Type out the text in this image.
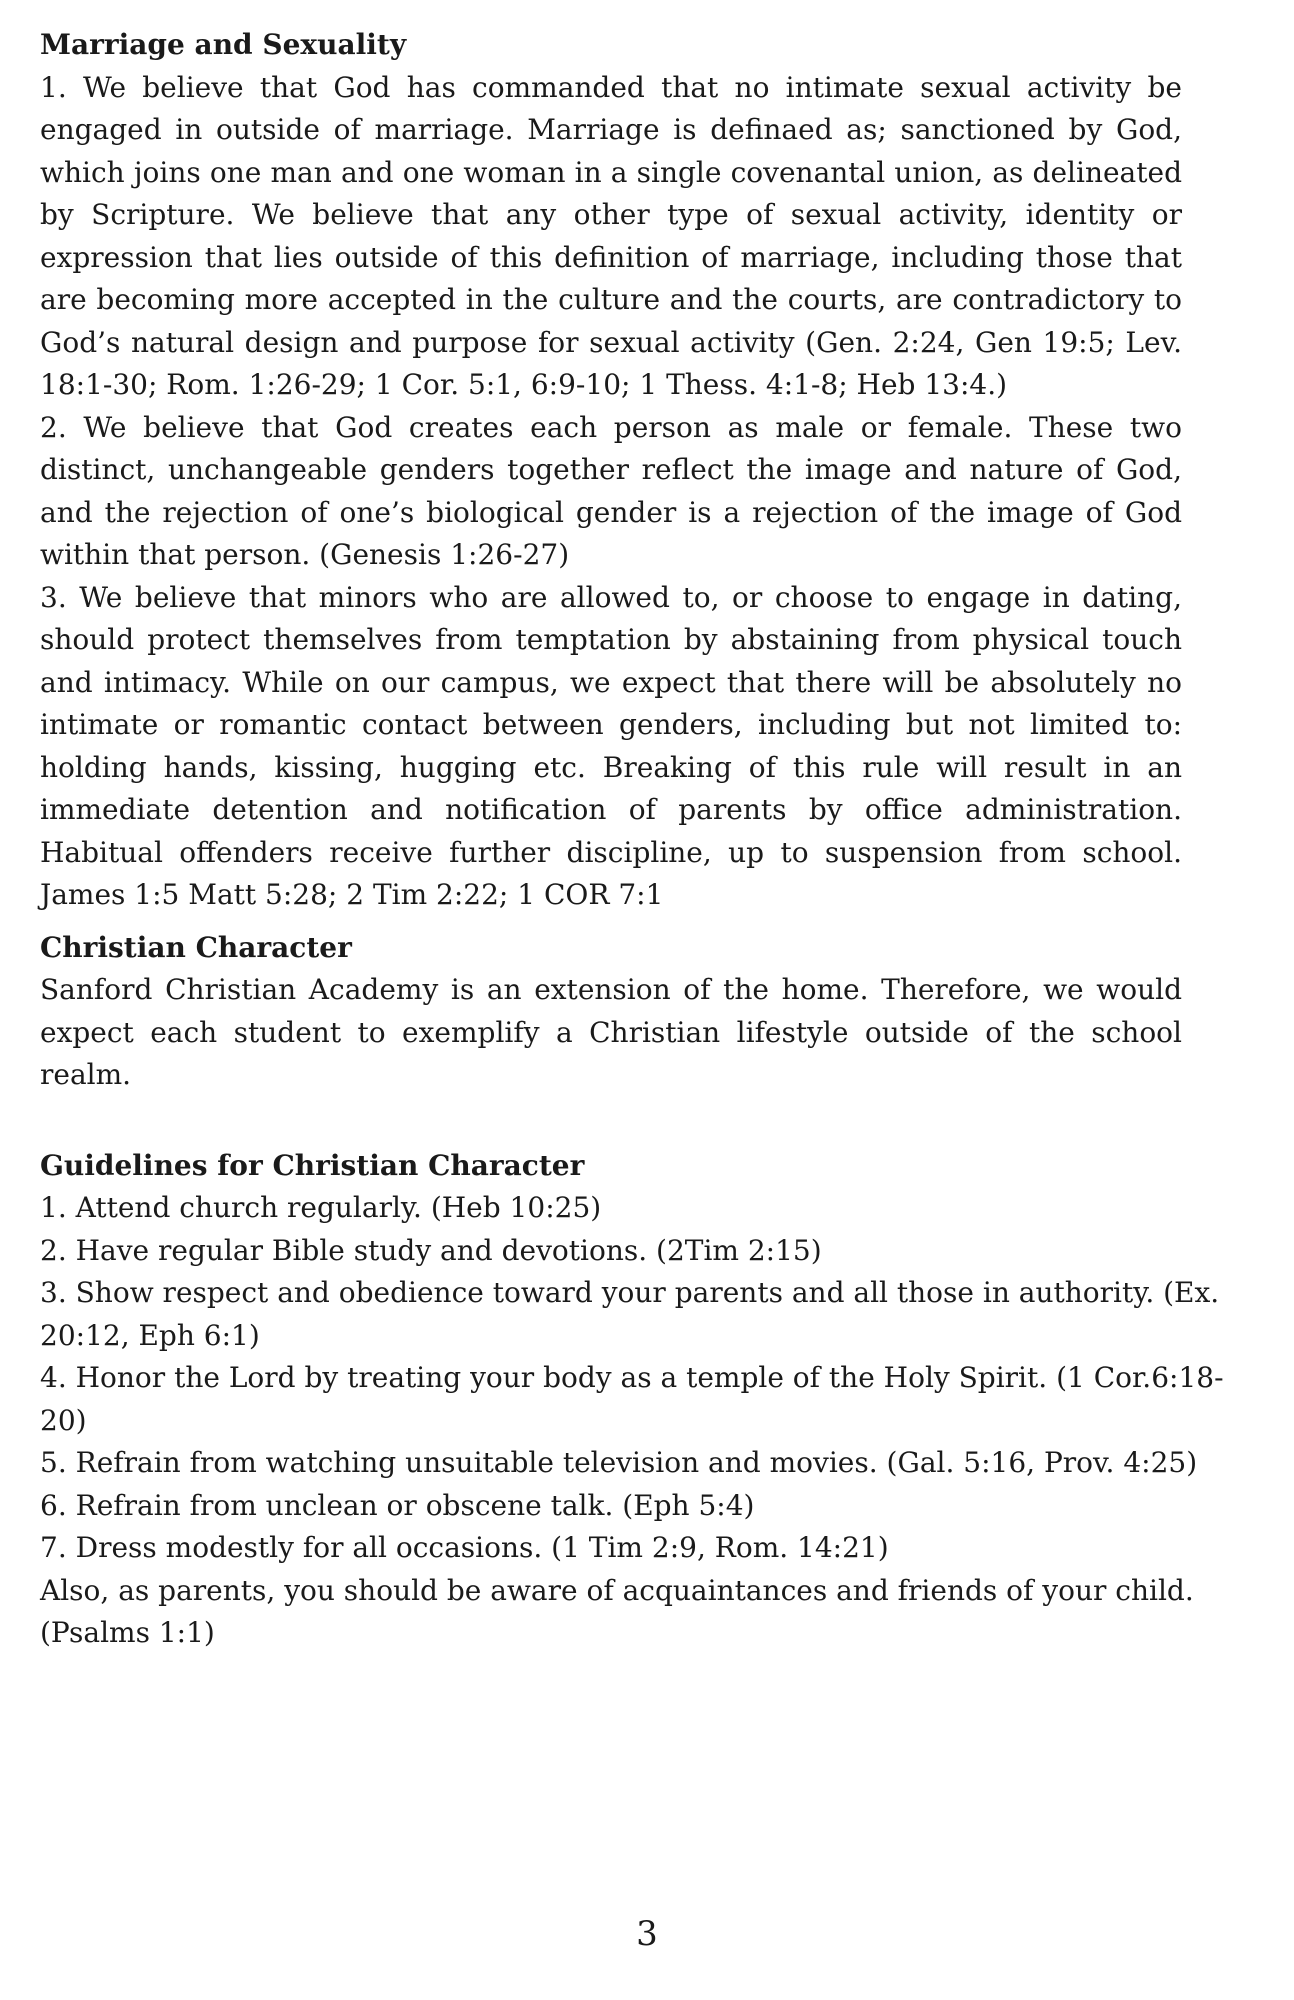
Marriage and Sexuality

1. We believe that God has commanded that no intimate sexual activity be engaged in outside of marriage. Marriage is definaed as; sanctioned by God, which joins one man and one woman in a single covenantal union, as delineated by Scripture. We believe that any other type of sexual activity, identity or expression that lies outside of this definition of marriage, including those that are becoming more accepted in the culture and the courts, are contradictory to God’s natural design and purpose for sexual activity (Gen. 2:24, Gen 19:5; Lev. 18:1-30; Rom. 1:26-29; 1 Cor. 5:1, 6:9-10; 1 Thess. 4:1-8; Heb 13:4.)

2. We believe that God creates each person as male or female. These two distinct, unchangeable genders together reflect the image and nature of God, and the rejection of one’s biological gender is a rejection of the image of God within that person. (Genesis 1:26-27)

3. We believe that minors who are allowed to, or choose to engage in dating, should protect themselves from temptation by abstaining from physical touch and intimacy. While on our campus, we expect that there will be absolutely no intimate or romantic contact between genders, including but not limited to: holding hands, kissing, hugging etc. Breaking of this rule will result in an immediate detention and notification of parents by office administration. Habitual offenders receive further discipline, up to suspension from school. James 1:5 Matt 5:28; 2 Tim 2:22; 1 COR 7:1

Christian Character

Sanford Christian Academy is an extension of the home. Therefore, we would expect each student to exemplify a Christian lifestyle outside of the school realm.

Guidelines for Christian Character

1. Attend church regularly. (Heb 10:25)

2. Have regular Bible study and devotions. (2Tim 2:15)

3. Show respect and obedience toward your parents and all those in authority. (Ex. 20:12, Eph 6:1)

4. Honor the Lord by treating your body as a temple of the Holy Spirit. (1 Cor.6:18-20)

5. Refrain from watching unsuitable television and movies. (Gal. 5:16, Prov. 4:25)

6. Refrain from unclean or obscene talk. (Eph 5:4)

7. Dress modestly for all occasions. (1 Tim 2:9, Rom. 14:21)

Also, as parents, you should be aware of acquaintances and friends of your child. (Psalms 1:1)

3
